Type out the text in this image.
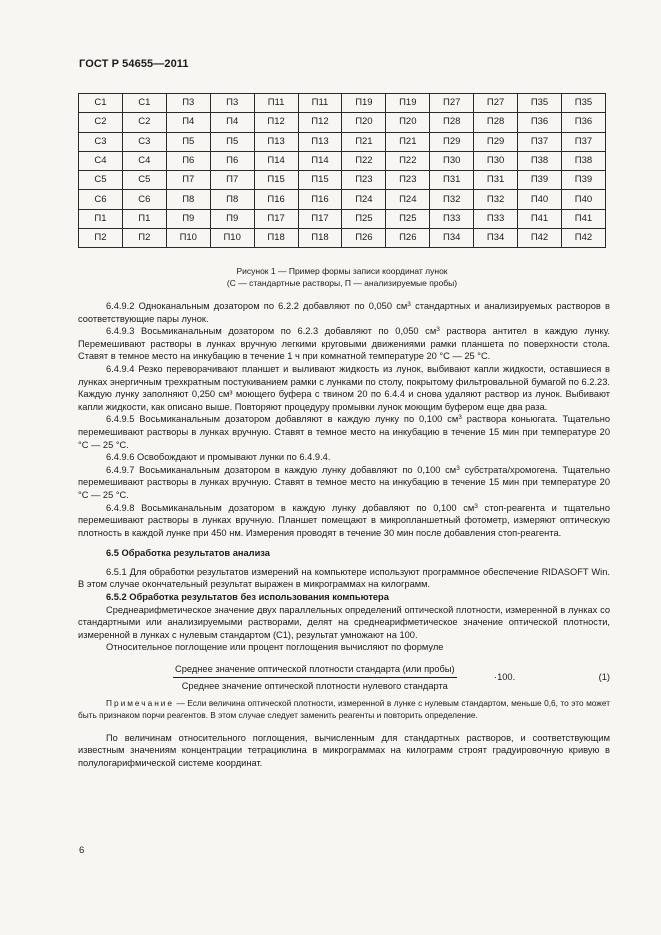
ГОСТ Р 54655—2011
С1	С1	П3	П3	П11	П11	П19	П19	П27	П27	П35	П35
С2	С2	П4	П4	П12	П12	П20	П20	П28	П28	П36	П36
С3	С3	П5	П5	П13	П13	П21	П21	П29	П29	П37	П37
С4	С4	П6	П6	П14	П14	П22	П22	П30	П30	П38	П38
С5	С5	П7	П7	П15	П15	П23	П23	П31	П31	П39	П39
С6	С6	П8	П8	П16	П16	П24	П24	П32	П32	П40	П40
П1	П1	П9	П9	П17	П17	П25	П25	П33	П33	П41	П41
П2	П2	П10	П10	П18	П18	П26	П26	П34	П34	П42	П42
Рисунок 1 — Пример формы записи координат лунок
(С — стандартные растворы, П — анализируемые пробы)

6.4.9.2 Одноканальным дозатором по 6.2.2 добавляют по 0,050 $см^3$ стандартных и анализируемых растворов в соответствующие пары лунок.

6.4.9.3 Восьмиканальным дозатором по 6.2.3 добавляют по 0,050 $см^3$ раствора антител в каждую лунку. Перемешивают растворы в лунках вручную легкими круговыми движениями рамки планшета по поверхности стола. Ставят в темное место на инкубацию в течение 1 ч при комнатной температуре 20 °С — 25 °С.

6.4.9.4 Резко переворачивают планшет и выливают жидкость из лунок, выбивают капли жидкости, оставшиеся в лунках энергичным трехкратным постукиванием рамки с лунками по столу, покрытому фильтровальной бумагой по 6.2.23. Каждую лунку заполняют 0,250 см³ моющего буфера с твином 20 по 6.4.4 и снова удаляют раствор из лунок. Выбивают капли жидкости, как описано выше. Повторяют процедуру промывки лунок моющим буфером еще два раза.

6.4.9.5 Восьмиканальным дозатором добавляют в каждую лунку по 0,100 $см^3$ раствора коньюгата. Тщательно перемешивают растворы в лунках вручную. Ставят в темное место на инкубацию в течение 15 мин при температуре 20 °С — 25 °С.

6.4.9.6 Освобождают и промывают лунки по 6.4.9.4.

6.4.9.7 Восьмиканальным дозатором в каждую лунку добавляют по 0,100 $см^3$ субстрата/хромогена. Тщательно перемешивают растворы в лунках вручную. Ставят в темное место на инкубацию в течение 15 мин при температуре 20 °С — 25 °С.

6.4.9.8 Восьмиканальным дозатором в каждую лунку добавляют по 0,100 $см^3$ стоп-реагента и тщательно перемешивают растворы в лунках вручную. Планшет помещают в микропланшетный фотометр, измеряют оптическую плотность в каждой лунке при 450 нм. Измерения проводят в течение 30 мин после добавления стоп-реагента.

6.5 Обработка результатов анализа

6.5.1 Для обработки результатов измерений на компьютере используют программное обеспечение RIDASOFT Win. В этом случае окончательный результат выражен в микрограммах на килограмм.

6.5.2 Обработка результатов без использования компьютера

Среднеарифметическое значение двух параллельных определений оптической плотности, измеренной в лунках со стандартными или анализируемыми растворами, делят на среднеарифметическое значение оптической плотности, измеренной в лунках с нулевым стандартом (С1), результат умножают на 100.

Относительное поглощение или процент поглощения вычисляют по формуле

Среднее значение оптической плотности стандарта (или пробы)
Среднее значение оптической плотности нулевого стандарта
·100.	(1)

Примечание — Если величина оптической плотности, измеренной в лунке с нулевым стандартом, меньше 0,6, то это может быть признаком порчи реагентов. В этом случае следует заменить реагенты и повторить определение.

По величинам относительного поглощения, вычисленным для стандартных растворов, и соответствующим известным значениям концентрации тетрациклина в микрограммах на килограмм строят градуировочную кривую в полулогарифмической системе координат.

6
